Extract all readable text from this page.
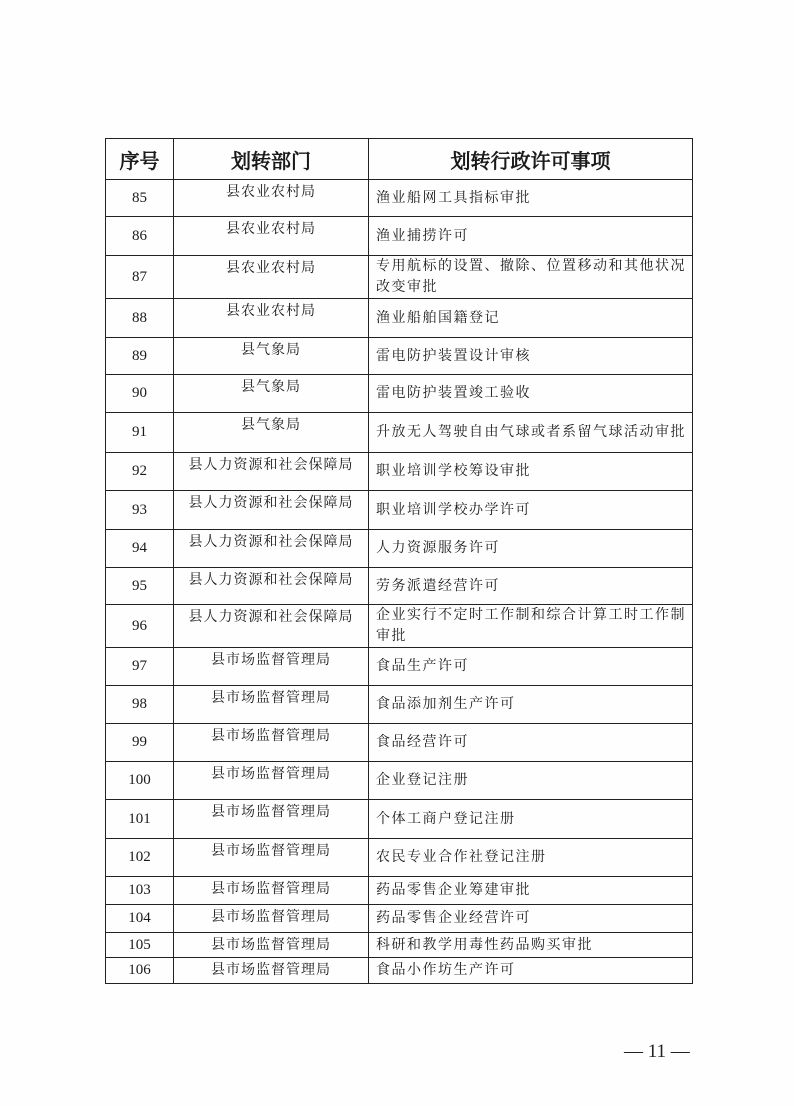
序号	划转部门	划转行政许可事项
85	县农业农村局	渔业船网工具指标审批
86	县农业农村局	渔业捕捞许可
87	县农业农村局	专用航标的设置、撤除、位置移动和其他状况改变审批
88	县农业农村局	渔业船舶国籍登记
89	县气象局	雷电防护装置设计审核
90	县气象局	雷电防护装置竣工验收
91	县气象局	升放无人驾驶自由气球或者系留气球活动审批
92	县人力资源和社会保障局	职业培训学校筹设审批
93	县人力资源和社会保障局	职业培训学校办学许可
94	县人力资源和社会保障局	人力资源服务许可
95	县人力资源和社会保障局	劳务派遣经营许可
96	县人力资源和社会保障局	企业实行不定时工作制和综合计算工时工作制审批
97	县市场监督管理局	食品生产许可
98	县市场监督管理局	食品添加剂生产许可
99	县市场监督管理局	食品经营许可
100	县市场监督管理局	企业登记注册
101	县市场监督管理局	个体工商户登记注册
102	县市场监督管理局	农民专业合作社登记注册
103	县市场监督管理局	药品零售企业筹建审批
104	县市场监督管理局	药品零售企业经营许可
105	县市场监督管理局	科研和教学用毒性药品购买审批
106	县市场监督管理局	食品小作坊生产许可
— 11 —
